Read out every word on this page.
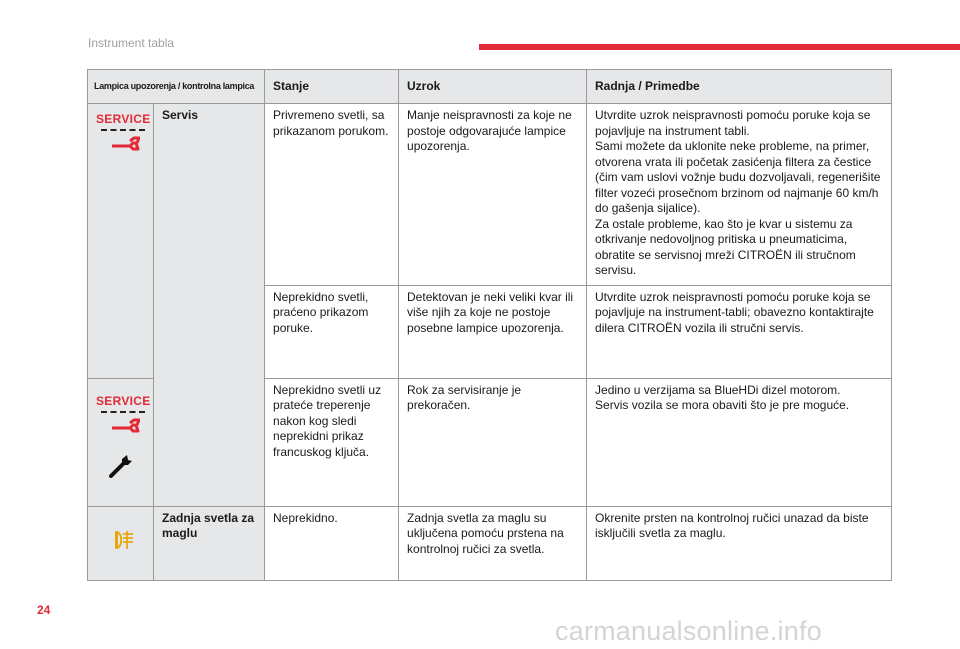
Instrument tabla
Lampica upozorenja / kontrolna lampica		Stanje	Uzrok	Radnja / Primedbe

SERVICE	Servis	Privremeno svetli, sa prikazanom porukom.	Manje neispravnosti za koje ne postoje odgovarajuće lampice upozorenja.	Utvrdite uzrok neispravnosti pomoću poruke koja se pojavljuje na instrument tabli.
Sami možete da uklonite neke probleme, na primer, otvorena vrata ili početak zasićenja filtera za čestice (čim vam uslovi vožnje budu dozvoljavali, regenerišite filter vozeći prosečnom brzinom od najmanje 60 km/h do gašenja sijalice).
Za ostale probleme, kao što je kvar u sistemu za otkrivanje nedovoljnog pritiska u pneumaticima, obratite se servisnoj mreži CITROËN ili stručnom servisu.

		Neprekidno svetli, praćeno prikazom poruke.	Detektovan je neki veliki kvar ili više njih za koje ne postoje posebne lampice upozorenja.	Utvrdite uzrok neispravnosti pomoću poruke koja se pojavljuje na instrument-tabli; obavezno kontaktirajte dilera CITROËN vozila ili stručni servis.

SERVICE		Neprekidno svetli uz prateće treperenje nakon kog sledi neprekidni prikaz francuskog ključa.	Rok za servisiranje je prekoračen.	Jedino u verzijama sa BlueHDi dizel motorom.
Servis vozila se mora obaviti što je pre moguće.

	Zadnja svetla za maglu	Neprekidno.	Zadnja svetla za maglu su uključena pomoću prstena na kontrolnoj ručici za svetla.	Okrenite prsten na kontrolnoj ručici unazad da biste isključili svetla za maglu.
24
carmanualsonline.info
